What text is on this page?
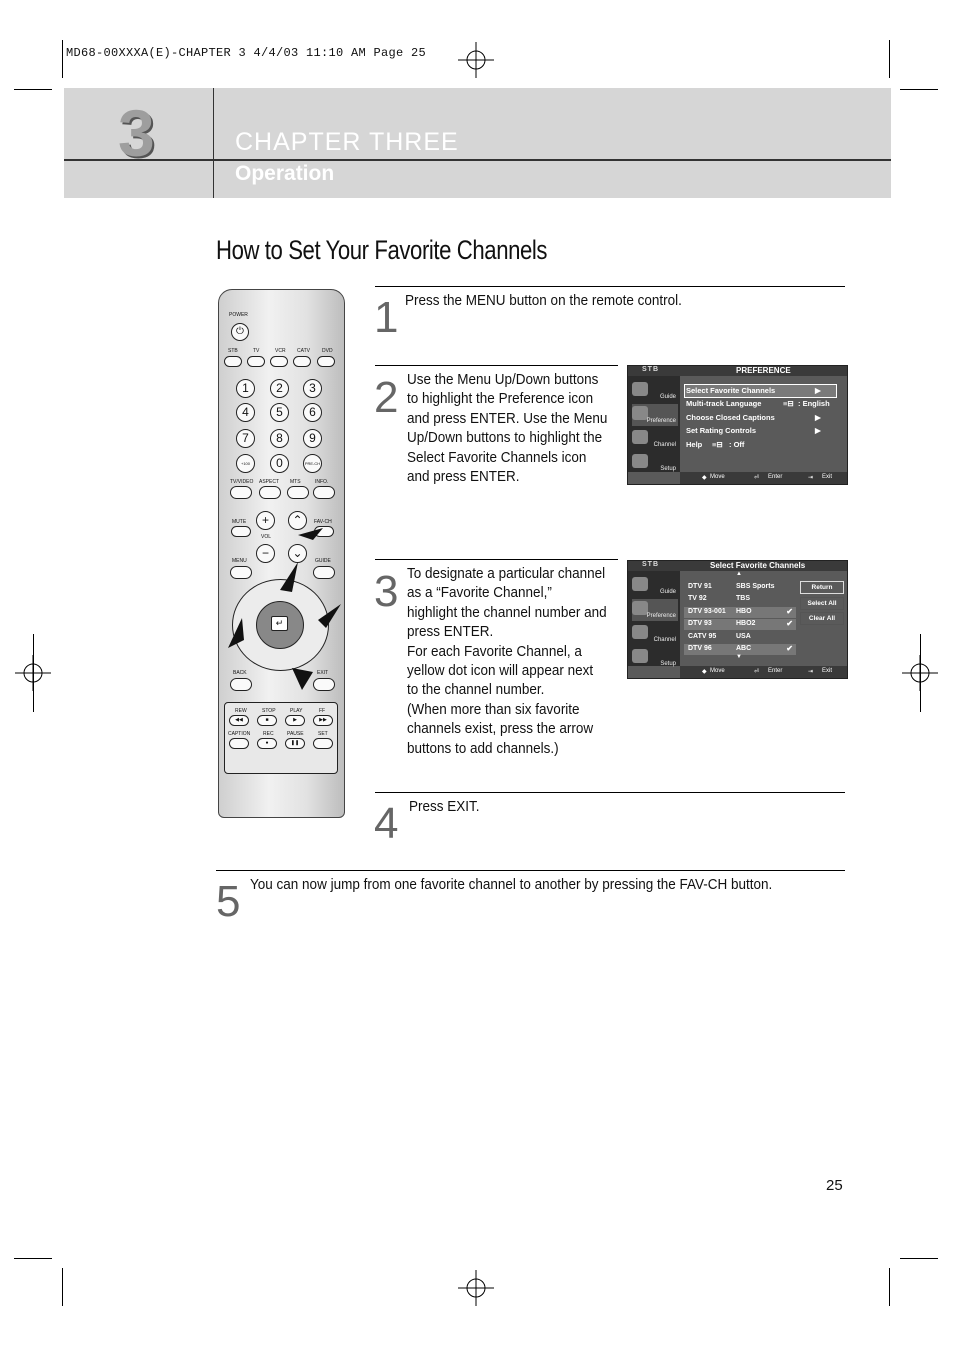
MD68-00XXXA(E)-CHAPTER 3 4/4/03 11:10 AM Page 25
3	CHAPTER THREE
Operation
How to Set Your Favorite Channels
1 Press the MENU button on the remote control.
2 Use the Menu Up/Down buttons
to highlight the Preference icon
and press ENTER. Use the Menu
Up/Down buttons to highlight the
Select Favorite Channels icon
and press ENTER.
3 To designate a particular channel
as a “Favorite Channel,”
highlight the channel number and
press ENTER.
For each Favorite Channel, a
yellow dot icon will appear next
to the channel number.
(When more than six favorite
channels exist, press the arrow
buttons to add channels.)
4 Press EXIT.
5 You can now jump from one favorite channel to another by pressing the FAV-CH button.
POWER
⏻
STB	TV	VCR CATV DVD
1	2	3
4	5	6
7	8	9
+100	0	PRE-CH
TV/VIDEO ASPECT MTS	INFO.
MUTE	+
VOL
−
⌃
⌄
FAV-CH
MENU	GUIDE
↵
BACK	EXIT
REW	STOP	PLAY	FF
◀◀	■	▶	▶▶
CAPTION	REC	PAUSE	SET
●	❚❚
STB	PREFERENCE
Guide
Preference
Channel
Setup
Select Favorite Channels	▶
Multi-track Language	≡⊟ : English
Choose Closed Captions	▶
Set Rating Controls	▶
Help ≡⊟ : Off
◆ Move	⏎ Enter	⇥ Exit
STB	Select Favorite Channels
Guide
Preference
Channel
Setup
▲
DTV 91	SBS Sports
TV 92	TBS
DTV 93-001 HBO	✔
DTV 93	HBO2	✔
CATV 95	USA
DTV 96	ABC	✔
▼
Return
Select All
Clear All
◆ Move	⏎ Enter	⇥ Exit
25
